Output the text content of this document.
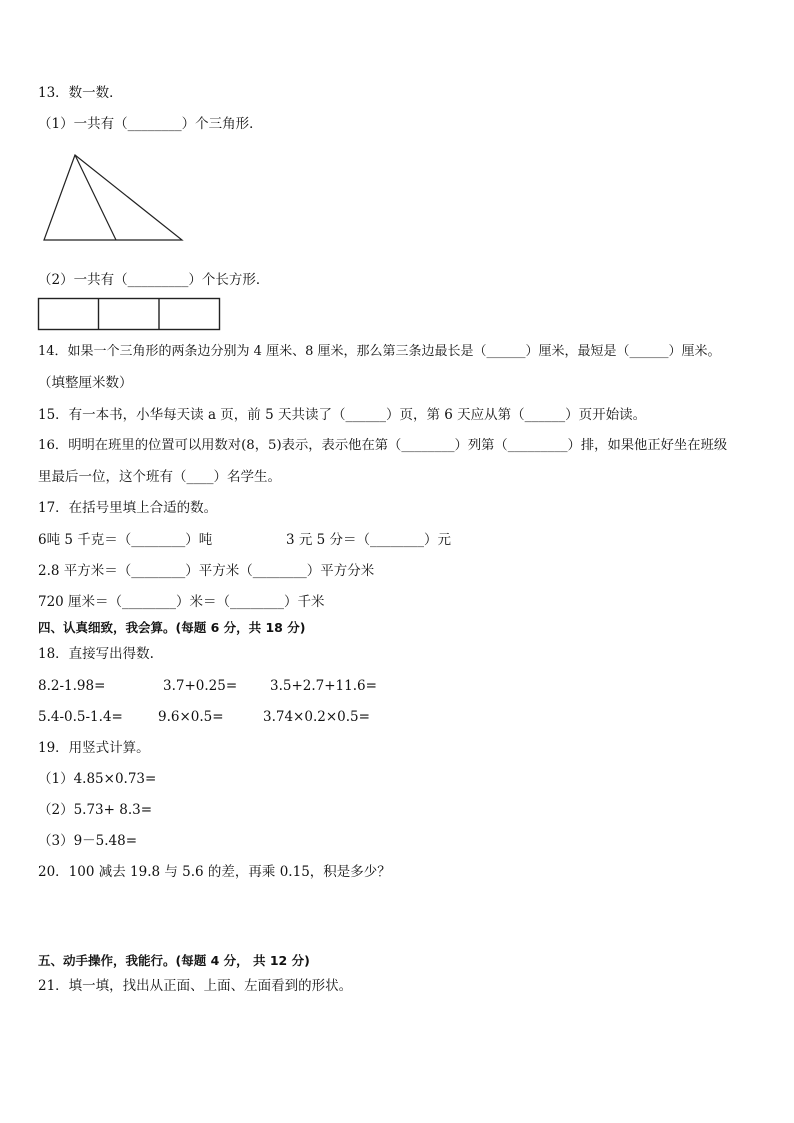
13．数一数．
（1）一共有（________）个三角形．
（2）一共有（_________）个长方形．
14．如果一个三角形的两条边分别为 4 厘米、8 厘米，那么第三条边最长是（______）厘米，最短是（______）厘米。
（填整厘米数）
15．有一本书，小华每天读 a 页，前 5 天共读了（______）页，第 6 天应从第（______）页开始读。
16．明明在班里的位置可以用数对(8，5)表示，表示他在第（________）列第（_________）排，如果他正好坐在班级
里最后一位，这个班有（____）名学生。
17．在括号里填上合适的数。
6吨 5 千克＝（________）吨	3 元 5 分＝（________）元
2.8 平方米＝（________）平方米（________）平方分米
720 厘米＝（________）米＝（________）千米
四、认真细致，我会算。(每题 6 分，共 18 分)
18．直接写出得数.
8.2-1.98=	3.7+0.25= 3.5+2.7+11.6=
5.4-0.5-1.4=	9.6×0.5=	3.74×0.2×0.5=
19．用竖式计算。
（1）4.85×0.73=
（2）5.73+ 8.3=
（3）9－5.48=
20．100 减去 19.8 与 5.6 的差，再乘 0.15，积是多少？
五、动手操作，我能行。(每题 4 分， 共 12 分)
21．填一填，找出从正面、上面、左面看到的形状。
